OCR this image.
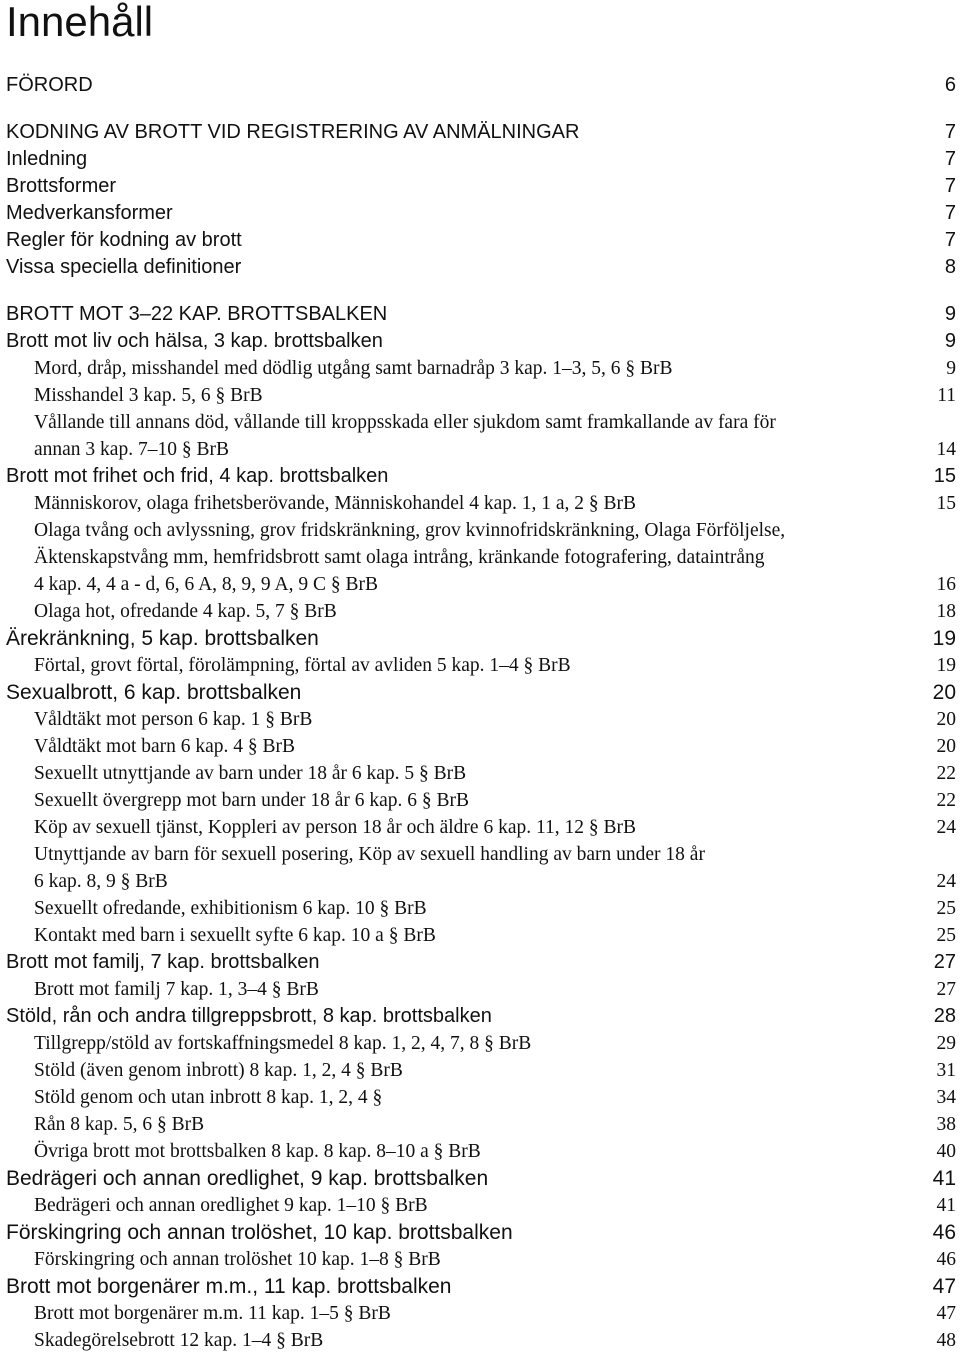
Innehåll
FÖRORD	6
KODNING AV BROTT VID REGISTRERING AV ANMÄLNINGAR	7
Inledning	7
Brottsformer	7
Medverkansformer	7
Regler för kodning av brott	7
Vissa speciella definitioner	8
BROTT MOT 3–22 KAP. BROTTSBALKEN	9
Brott mot liv och hälsa, 3 kap. brottsbalken	9
Mord, dråp, misshandel med dödlig utgång samt barnadråp 3 kap. 1–3, 5, 6 § BrB	9
Misshandel 3 kap. 5, 6 § BrB	11
Vållande till annans död, vållande till kroppsskada eller sjukdom samt framkallande av fara för
annan 3 kap. 7–10 § BrB	14
Brott mot frihet och frid, 4 kap. brottsbalken	15
Människorov, olaga frihetsberövande, Människohandel 4 kap. 1, 1 a, 2 § BrB	15
Olaga tvång och avlyssning, grov fridskränkning, grov kvinnofridskränkning, Olaga Förföljelse,
Äktenskapstvång mm, hemfridsbrott samt olaga intrång, kränkande fotografering, dataintrång
4 kap. 4, 4 a - d, 6, 6 A, 8, 9, 9 A, 9 C § BrB	16
Olaga hot, ofredande 4 kap. 5, 7 § BrB	18
Ärekränkning, 5 kap. brottsbalken	19
Förtal, grovt förtal, förolämpning, förtal av avliden 5 kap. 1–4 § BrB	19
Sexualbrott, 6 kap. brottsbalken	20
Våldtäkt mot person 6 kap. 1 § BrB	20
Våldtäkt mot barn 6 kap. 4 § BrB	20
Sexuellt utnyttjande av barn under 18 år 6 kap. 5 § BrB	22
Sexuellt övergrepp mot barn under 18 år 6 kap. 6 § BrB	22
Köp av sexuell tjänst, Koppleri av person 18 år och äldre 6 kap. 11, 12 § BrB	24
Utnyttjande av barn för sexuell posering, Köp av sexuell handling av barn under 18 år
6 kap. 8, 9 § BrB	24
Sexuellt ofredande, exhibitionism 6 kap. 10 § BrB	25
Kontakt med barn i sexuellt syfte 6 kap. 10 a § BrB	25
Brott mot familj, 7 kap. brottsbalken	27
Brott mot familj 7 kap. 1, 3–4 § BrB	27
Stöld, rån och andra tillgreppsbrott, 8 kap. brottsbalken	28
Tillgrepp/stöld av fortskaffningsmedel 8 kap. 1, 2, 4, 7, 8 § BrB	29
Stöld (även genom inbrott) 8 kap. 1, 2, 4 § BrB	31
Stöld genom och utan inbrott 8 kap. 1, 2, 4 §	34
Rån 8 kap. 5, 6 § BrB	38
Övriga brott mot brottsbalken 8 kap. 8 kap. 8–10 a § BrB	40
Bedrägeri och annan oredlighet, 9 kap. brottsbalken	41
Bedrägeri och annan oredlighet 9 kap. 1–10 § BrB	41
Förskingring och annan trolöshet, 10 kap. brottsbalken	46
Förskingring och annan trolöshet 10 kap. 1–8 § BrB	46
Brott mot borgenärer m.m., 11 kap. brottsbalken	47
Brott mot borgenärer m.m. 11 kap. 1–5 § BrB	47
Skadegörelsebrott 12 kap. 1–4 § BrB	48
